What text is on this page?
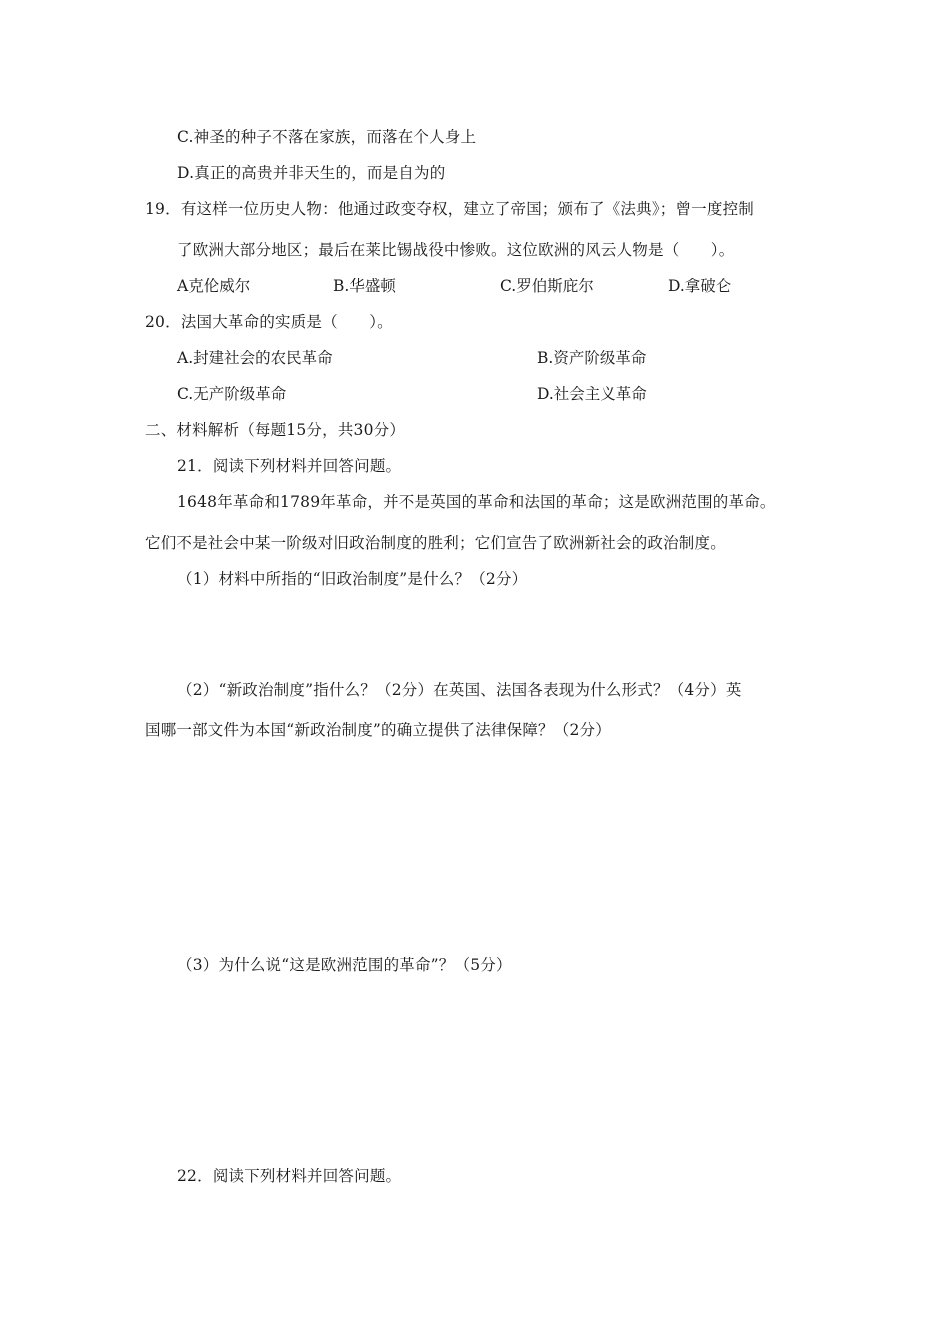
C.神圣的种子不落在家族，而落在个人身上
D.真正的高贵并非天生的，而是自为的
19．有这样一位历史人物：他通过政变夺权，建立了帝国；颁布了《法典》；曾一度控制
了欧洲大部分地区；最后在莱比锡战役中惨败。这位欧洲的风云人物是（　　）。
A克伦威尔	B.华盛顿	C.罗伯斯庇尔	D.拿破仑
20．法国大革命的实质是（　　）。
A.封建社会的农民革命	B.资产阶级革命
C.无产阶级革命	D.社会主义革命
二、材料解析（每题15分，共30分）
21．阅读下列材料并回答问题。
1648年革命和1789年革命，并不是英国的革命和法国的革命；这是欧洲范围的革命。
它们不是社会中某一阶级对旧政治制度的胜利；它们宣告了欧洲新社会的政治制度。
（1）材料中所指的“旧政治制度”是什么？（2分）
（2）“新政治制度”指什么？（2分）在英国、法国各表现为什么形式？（4分）英
国哪一部文件为本国“新政治制度”的确立提供了法律保障？（2分）
（3）为什么说“这是欧洲范围的革命”？（5分）
22．阅读下列材料并回答问题。
